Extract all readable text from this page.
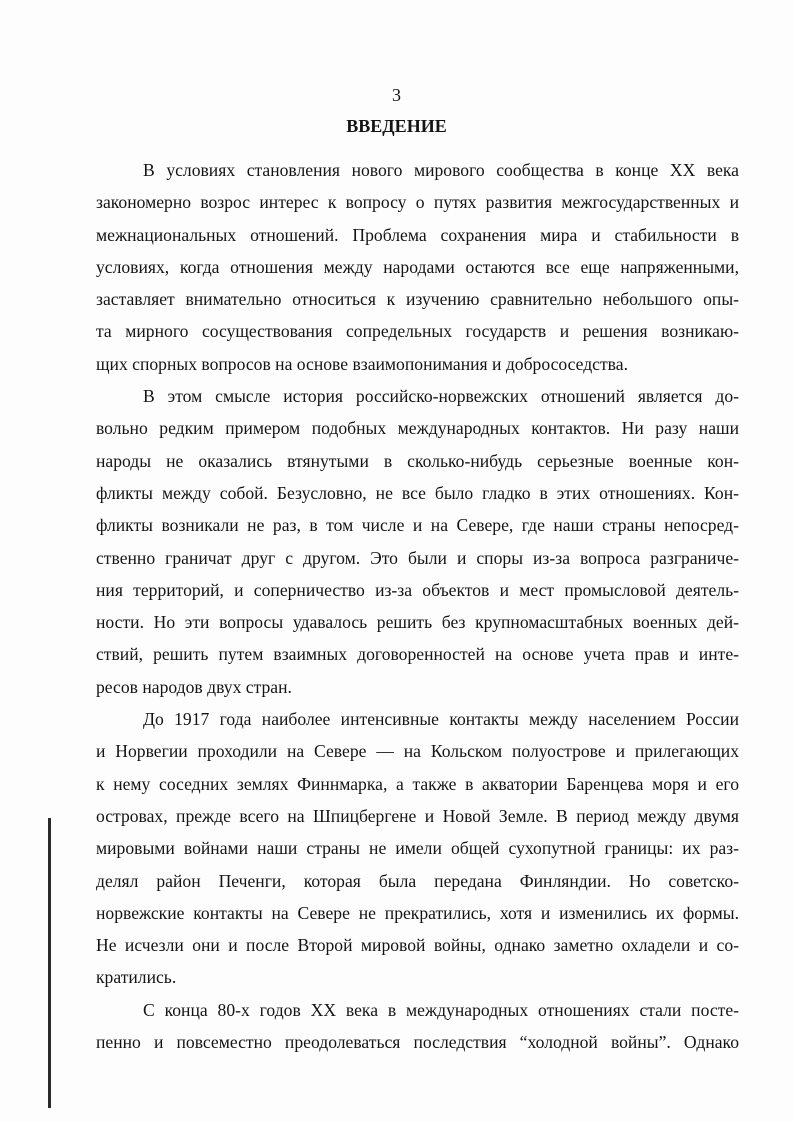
3
ВВЕДЕНИЕ
В условиях становления нового мирового сообщества в конце ХХ века
закономерно возрос интерес к вопросу о путях развития межгосударственных и
межнациональных отношений. Проблема сохранения мира и стабильности в
условиях, когда отношения между народами остаются все еще напряженными,
заставляет внимательно относиться к изучению сравнительно небольшого опы-
та мирного сосуществования сопредельных государств и решения возникаю-
щих спорных вопросов на основе взаимопонимания и добрососедства.
В этом смысле история российско-норвежских отношений является до-
вольно редким примером подобных международных контактов. Ни разу наши
народы не оказались втянутыми в сколько-нибудь серьезные военные кон-
фликты между собой. Безусловно, не все было гладко в этих отношениях. Кон-
фликты возникали не раз, в том числе и на Севере, где наши страны непосред-
ственно граничат друг с другом. Это были и споры из-за вопроса разграниче-
ния территорий, и соперничество из-за объектов и мест промысловой деятель-
ности. Но эти вопросы удавалось решить без крупномасштабных военных дей-
ствий, решить путем взаимных договоренностей на основе учета прав и инте-
ресов народов двух стран.
До 1917 года наиболее интенсивные контакты между населением России
и Норвегии проходили на Севере — на Кольском полуострове и прилегающих
к нему соседних землях Финнмарка, а также в акватории Баренцева моря и его
островах, прежде всего на Шпицбергене и Новой Земле. В период между двумя
мировыми войнами наши страны не имели общей сухопутной границы: их раз-
делял район Печенги, которая была передана Финляндии. Но советско-
норвежские контакты на Севере не прекратились, хотя и изменились их формы.
Не исчезли они и после Второй мировой войны, однако заметно охладели и со-
кратились.
С конца 80-х годов ХХ века в международных отношениях стали посте-
пенно и повсеместно преодолеваться последствия “холодной войны”. Однако
